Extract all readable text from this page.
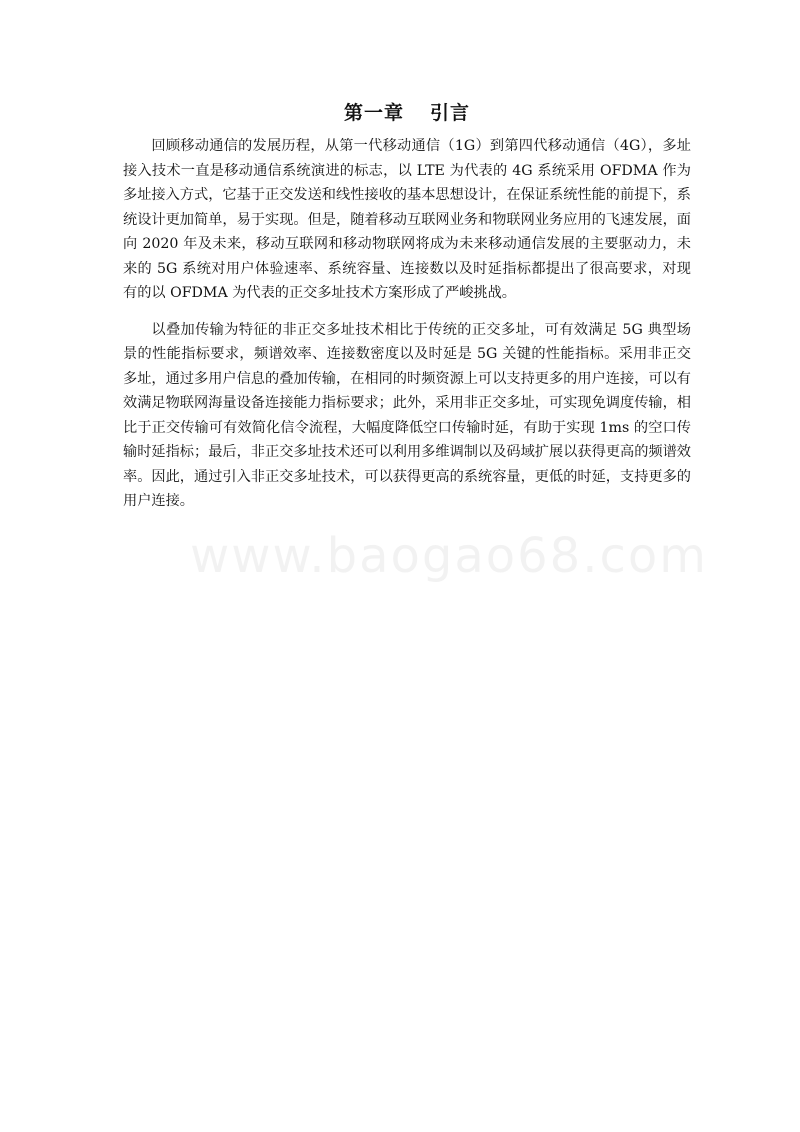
第一章 引言

回顾移动通信的发展历程，从第一代移动通信（1G）到第四代移动通信（4G），多址接入技术一直是移动通信系统演进的标志，以 LTE 为代表的 4G 系统采用 OFDMA 作为多址接入方式，它基于正交发送和线性接收的基本思想设计，在保证系统性能的前提下，系统设计更加简单，易于实现。但是，随着移动互联网业务和物联网业务应用的飞速发展，面向 2020 年及未来，移动互联网和移动物联网将成为未来移动通信发展的主要驱动力，未来的 5G 系统对用户体验速率、系统容量、连接数以及时延指标都提出了很高要求，对现有的以 OFDMA 为代表的正交多址技术方案形成了严峻挑战。

以叠加传输为特征的非正交多址技术相比于传统的正交多址，可有效满足 5G 典型场景的性能指标要求，频谱效率、连接数密度以及时延是 5G 关键的性能指标。采用非正交多址，通过多用户信息的叠加传输，在相同的时频资源上可以支持更多的用户连接，可以有效满足物联网海量设备连接能力指标要求；此外，采用非正交多址，可实现免调度传输，相比于正交传输可有效简化信令流程，大幅度降低空口传输时延，有助于实现 1ms 的空口传输时延指标；最后，非正交多址技术还可以利用多维调制以及码域扩展以获得更高的频谱效率。因此，通过引入非正交多址技术，可以获得更高的系统容量，更低的时延，支持更多的用户连接。

www.baogao68.com
